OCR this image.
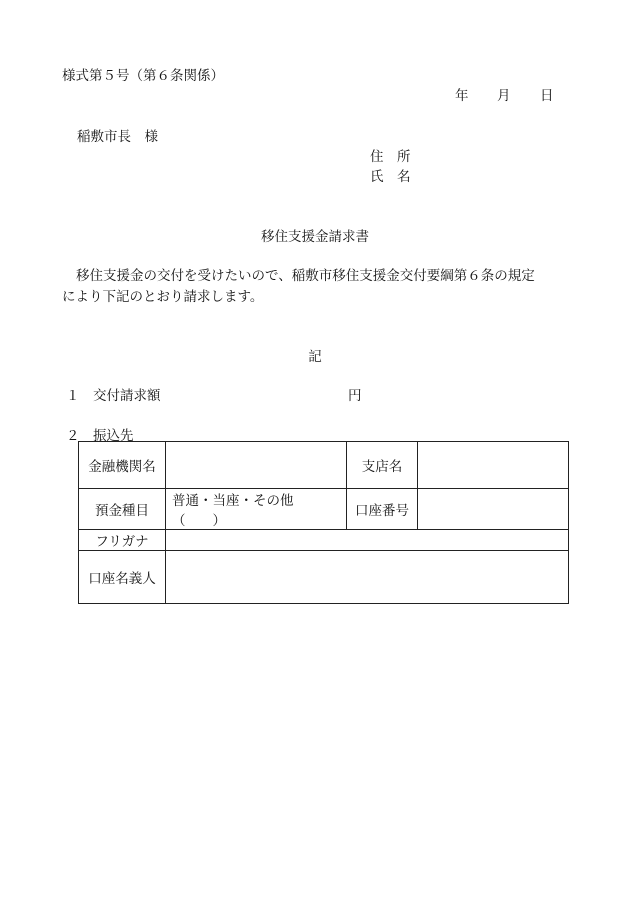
様式第５号（第６条関係）
年 月 日
稲敷市長　様
住　所
氏　名
移住支援金請求書
移住支援金の交付を受けたいので、稲敷市移住支援金交付要綱第６条の規定
により下記のとおり請求します。
記
１ 交付請求額	円
２ 振込先
金融機関名		支店名	
預金種目	普通・当座・その他（　　）	口座番号	
フリガナ			
口座名義人			
